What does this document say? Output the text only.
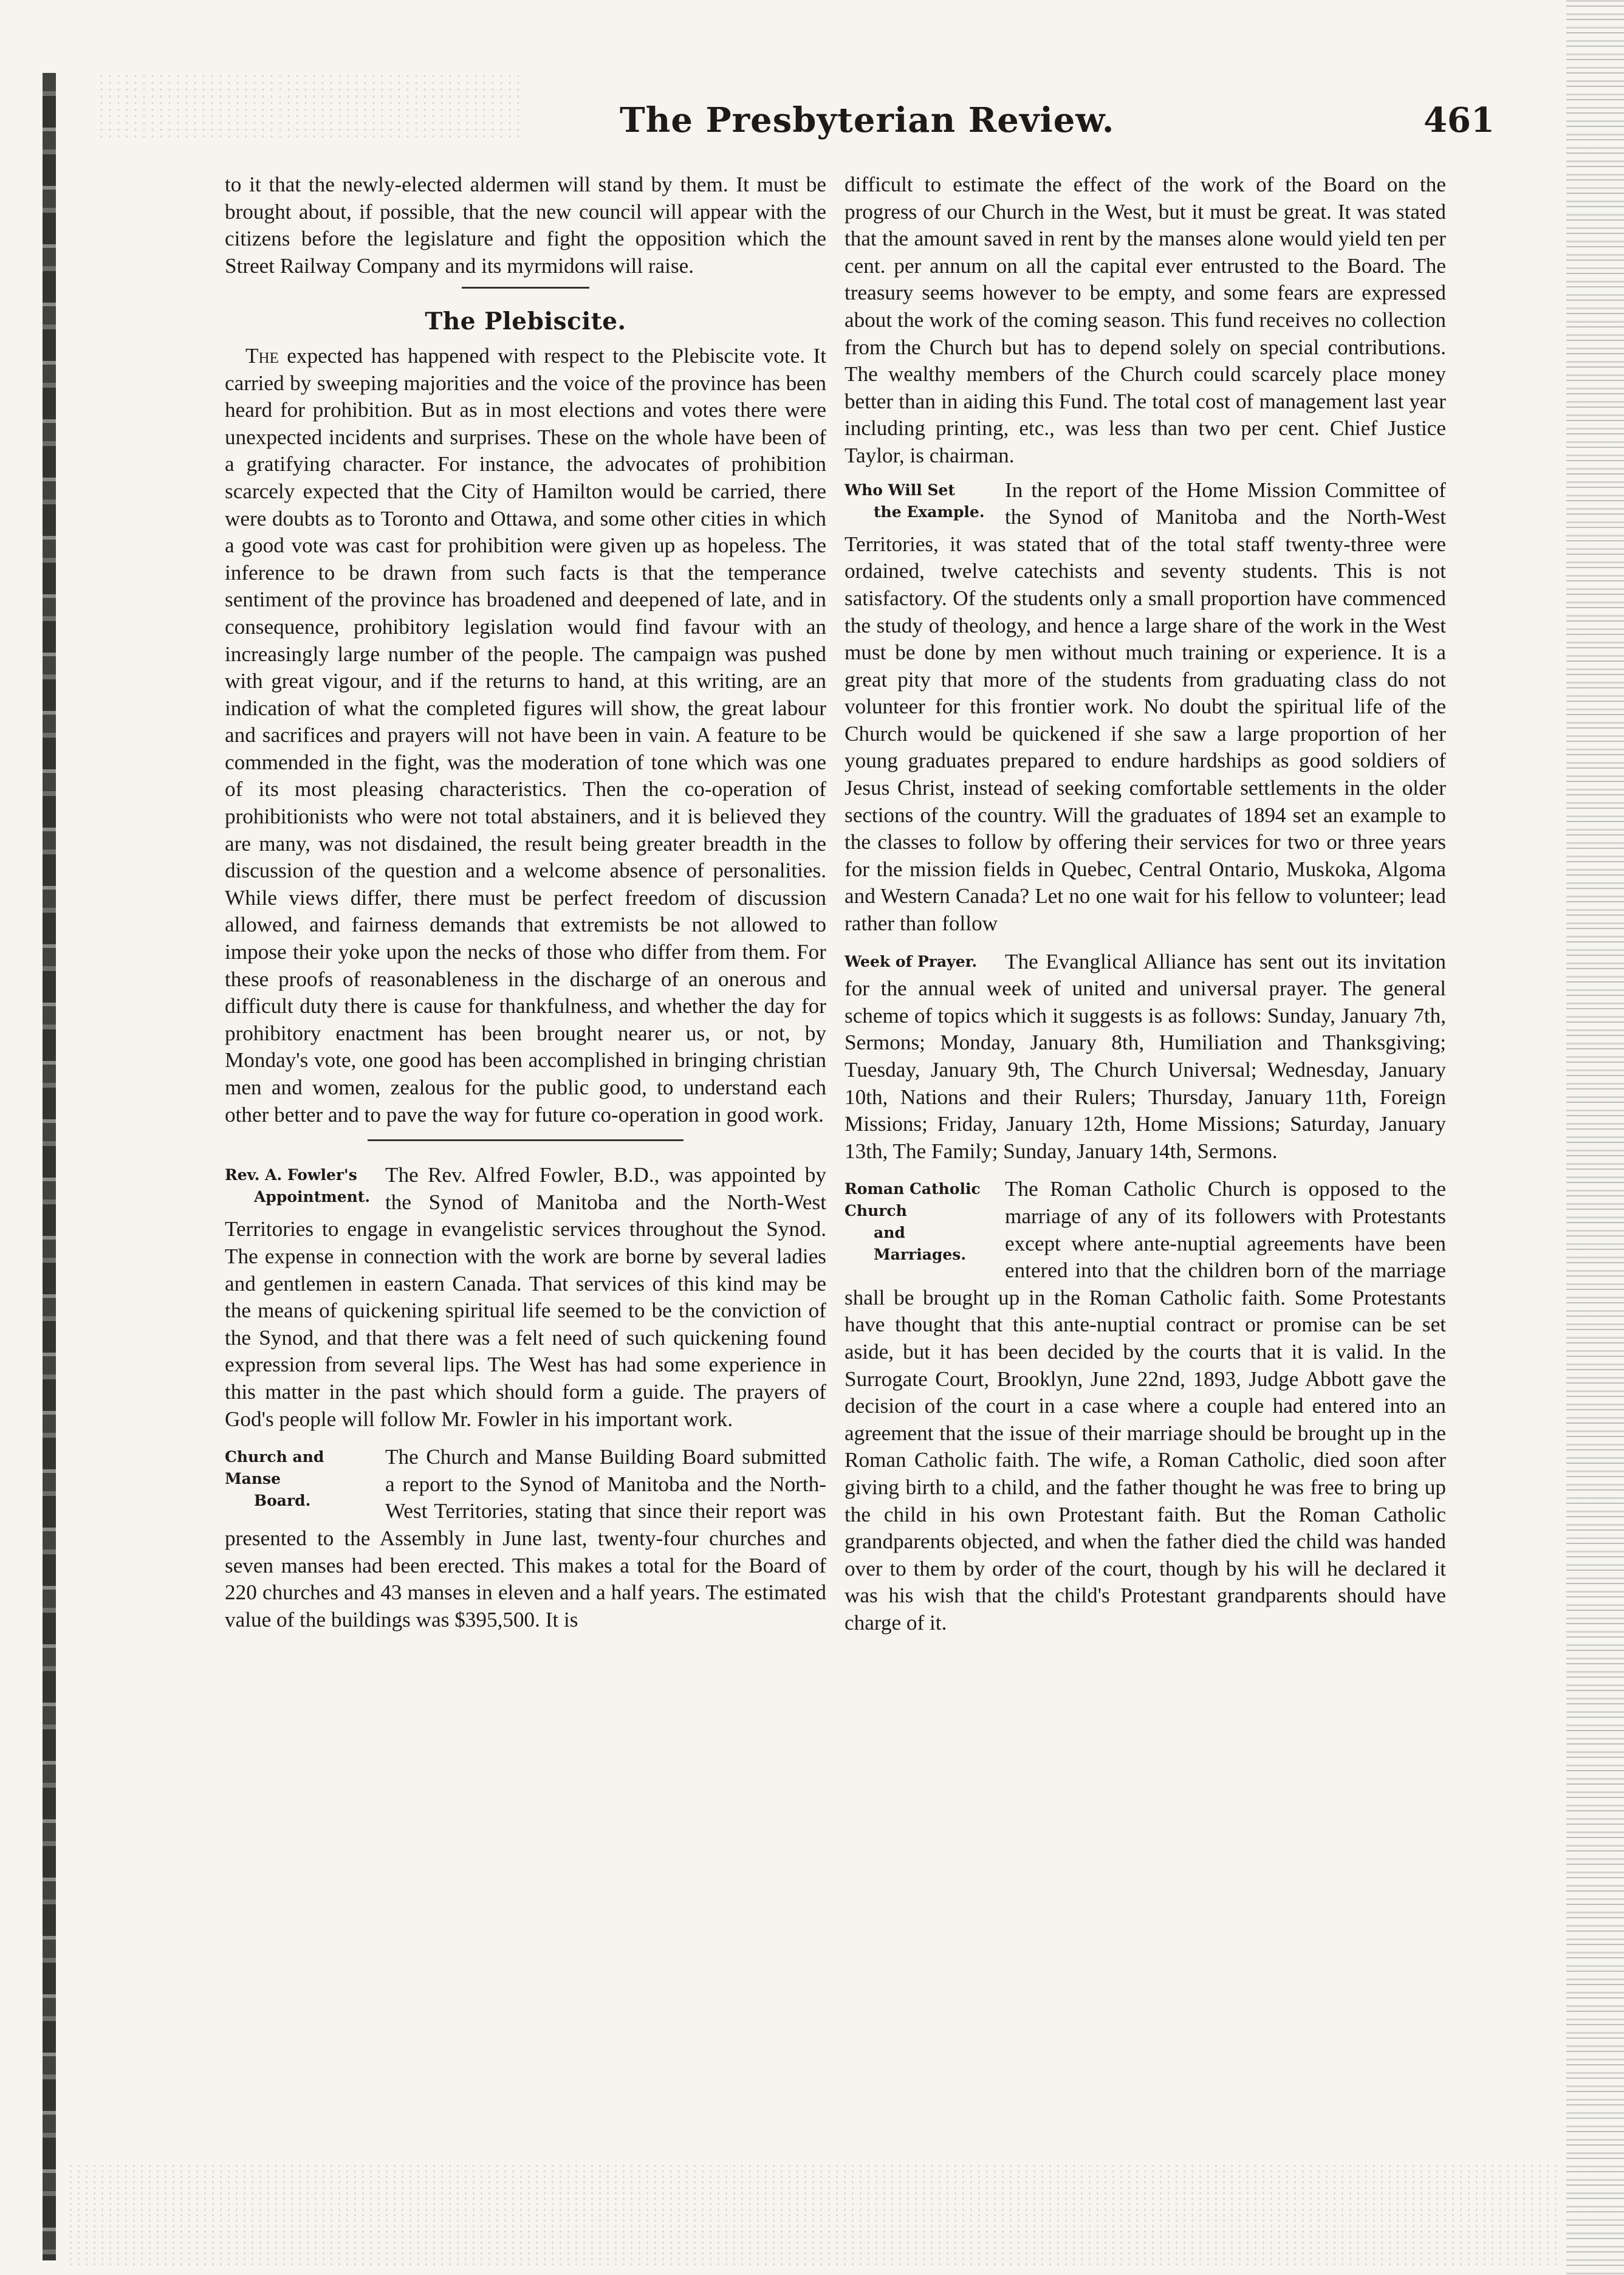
The Presbyterian Review.	461

to it that the newly-elected aldermen will stand by them. It must be brought about, if possible, that the new council will appear with the citizens before the legislature and fight the opposition which the Street Railway Company and its myrmidons will raise.

The Plebiscite.

The expected has happened with respect to the Plebiscite vote. It carried by sweeping majorities and the voice of the province has been heard for prohibition. But as in most elections and votes there were unexpected incidents and surprises. These on the whole have been of a gratifying character. For instance, the advocates of prohibition scarcely expected that the City of Hamilton would be carried, there were doubts as to Toronto and Ottawa, and some other cities in which a good vote was cast for prohibition were given up as hopeless. The inference to be drawn from such facts is that the temperance sentiment of the province has broadened and deepened of late, and in consequence, prohibitory legislation would find favour with an increasingly large number of the people. The campaign was pushed with great vigour, and if the returns to hand, at this writing, are an indication of what the completed figures will show, the great labour and sacrifices and prayers will not have been in vain. A feature to be commended in the fight, was the moderation of tone which was one of its most pleasing characteristics. Then the co-operation of prohibitionists who were not total abstainers, and it is believed they are many, was not disdained, the result being greater breadth in the discussion of the question and a welcome absence of personalities. While views differ, there must be perfect freedom of discussion allowed, and fairness demands that extremists be not allowed to impose their yoke upon the necks of those who differ from them. For these proofs of reasonableness in the discharge of an onerous and difficult duty there is cause for thankfulness, and whether the day for prohibitory enactment has been brought nearer us, or not, by Monday's vote, one good has been accomplished in bringing christian men and women, zealous for the public good, to understand each other better and to pave the way for future co-operation in good work.

Rev. A. Fowler's
Appointment.

The Rev. Alfred Fowler, B.D., was appointed by the Synod of Manitoba and the North-West Territories to engage in evangelistic services throughout the Synod. The expense in connection with the work are borne by several ladies and gentlemen in eastern Canada. That services of this kind may be the means of quickening spiritual life seemed to be the conviction of the Synod, and that there was a felt need of such quickening found expression from several lips. The West has had some experience in this matter in the past which should form a guide. The prayers of God's people will follow Mr. Fowler in his important work.

Church and Manse
Board.

The Church and Manse Building Board submitted a report to the Synod of Manitoba and the North-West Territories, stating that since their report was presented to the Assembly in June last, twenty-four churches and seven manses had been erected. This makes a total for the Board of 220 churches and 43 manses in eleven and a half years. The estimated value of the buildings was $395,500. It is

difficult to estimate the effect of the work of the Board on the progress of our Church in the West, but it must be great. It was stated that the amount saved in rent by the manses alone would yield ten per cent. per annum on all the capital ever entrusted to the Board. The treasury seems however to be empty, and some fears are expressed about the work of the coming season. This fund receives no collection from the Church but has to depend solely on special contributions. The wealthy members of the Church could scarcely place money better than in aiding this Fund. The total cost of management last year including printing, etc., was less than two per cent. Chief Justice Taylor, is chairman.

Who Will Set
the Example.

In the report of the Home Mission Committee of the Synod of Manitoba and the North-West Territories, it was stated that of the total staff twenty-three were ordained, twelve catechists and seventy students. This is not satisfactory. Of the students only a small proportion have commenced the study of theology, and hence a large share of the work in the West must be done by men without much training or experience. It is a great pity that more of the students from graduating class do not volunteer for this frontier work. No doubt the spiritual life of the Church would be quickened if she saw a large proportion of her young graduates prepared to endure hardships as good soldiers of Jesus Christ, instead of seeking comfortable settlements in the older sections of the country. Will the graduates of 1894 set an example to the classes to follow by offering their services for two or three years for the mission fields in Quebec, Central Ontario, Muskoka, Algoma and Western Canada? Let no one wait for his fellow to volunteer; lead rather than follow

Week of Prayer.	The Evanglical Alliance has sent out its invitation for the annual week of united and universal prayer. The general scheme of topics which it suggests is as follows: Sunday, January 7th, Sermons; Monday, January 8th, Humiliation and Thanksgiving; Tuesday, January 9th, The Church Universal; Wednesday, January 10th, Nations and their Rulers; Thursday, January 11th, Foreign Missions; Friday, January 12th, Home Missions; Saturday, January 13th, The Family; Sunday, January 14th, Sermons.

Roman Catholic Church
and Marriages.

The Roman Catholic Church is opposed to the marriage of any of its followers with Protestants except where ante-nuptial agreements have been entered into that the children born of the marriage shall be brought up in the Roman Catholic faith. Some Protestants have thought that this ante-nuptial contract or promise can be set aside, but it has been decided by the courts that it is valid. In the Surrogate Court, Brooklyn, June 22nd, 1893, Judge Abbott gave the decision of the court in a case where a couple had entered into an agreement that the issue of their marriage should be brought up in the Roman Catholic faith. The wife, a Roman Catholic, died soon after giving birth to a child, and the father thought he was free to bring up the child in his own Protestant faith. But the Roman Catholic grandparents objected, and when the father died the child was handed over to them by order of the court, though by his will he declared it was his wish that the child's Protestant grandparents should have charge of it.
